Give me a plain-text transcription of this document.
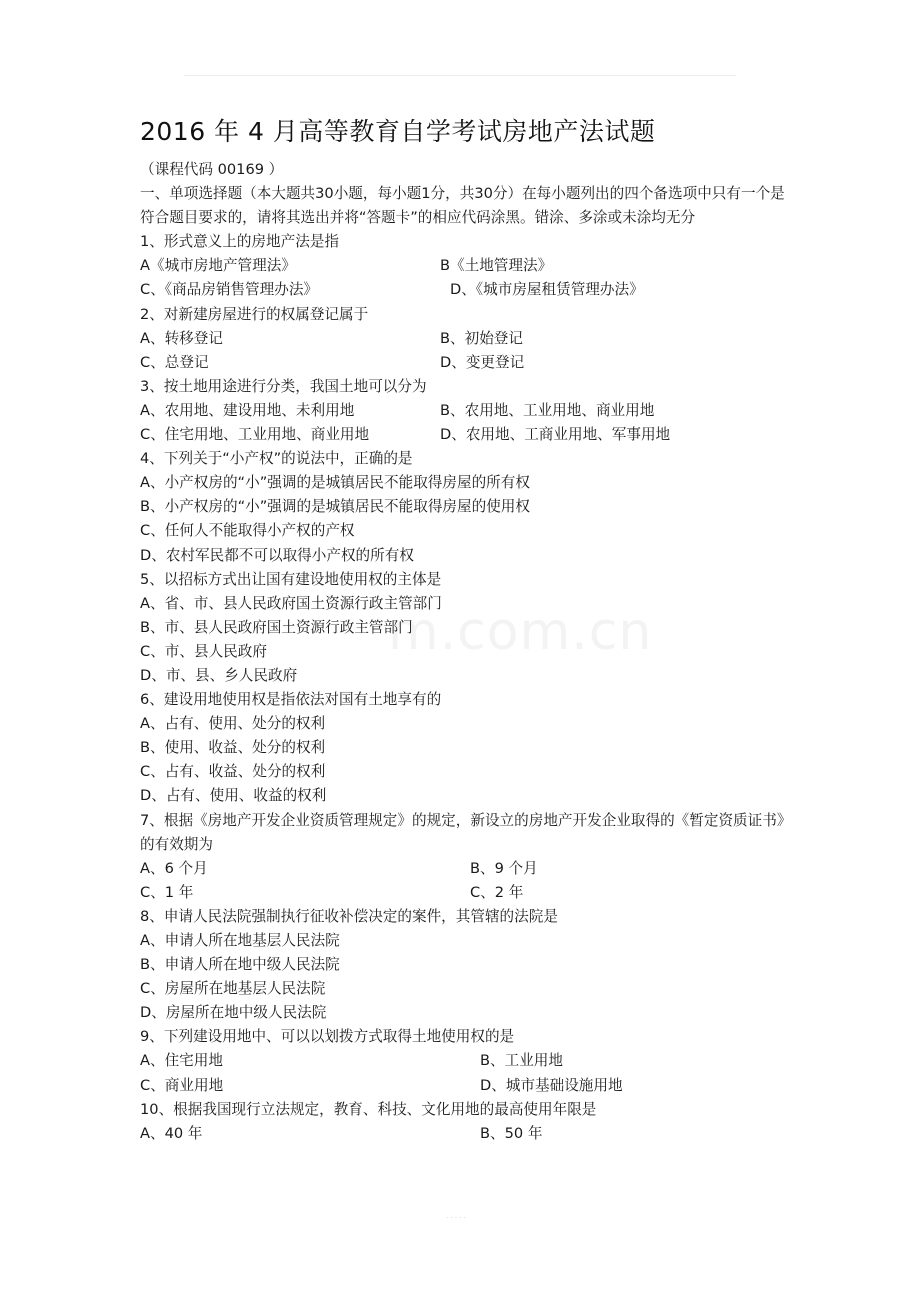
2016 年 4 月高等教育自学考试房地产法试题
（课程代码 00169 ）
一、单项选择题（本大题共30小题，每小题1分，共30分）在每小题列出的四个备选项中只有一个是符合题目要求的，请将其选出并将“答题卡”的相应代码涂黑。错涂、多涂或未涂均无分
1、形式意义上的房地产法是指
A《城市房地产管理法》	B《土地管理法》
C、《商品房销售管理办法》	D、《城市房屋租赁管理办法》
2、对新建房屋进行的权属登记属于
A、转移登记	B、初始登记
C、总登记	D、变更登记
3、按土地用途进行分类，我国土地可以分为
A、农用地、建设用地、未利用地	B、农用地、工业用地、商业用地
C、住宅用地、工业用地、商业用地	D、农用地、工商业用地、军事用地
4、下列关于“小产权”的说法中，正确的是
A、小产权房的“小”强调的是城镇居民不能取得房屋的所有权
B、小产权房的“小”强调的是城镇居民不能取得房屋的使用权
C、任何人不能取得小产权的产权
D、农村军民都不可以取得小产权的所有权
5、以招标方式出让国有建设地使用权的主体是
A、省、市、县人民政府国土资源行政主管部门
B、市、县人民政府国土资源行政主管部门
C、市、县人民政府
D、市、县、乡人民政府
6、建设用地使用权是指依法对国有土地享有的
A、占有、使用、处分的权利
B、使用、收益、处分的权利
C、占有、收益、处分的权利
D、占有、使用、收益的权利
7、根据《房地产开发企业资质管理规定》的规定，新设立的房地产开发企业取得的《暂定资质证书》的有效期为
A、6 个月	B、9 个月
C、1 年	C、2 年
8、申请人民法院强制执行征收补偿决定的案件，其管辖的法院是
A、申请人所在地基层人民法院
B、申请人所在地中级人民法院
C、房屋所在地基层人民法院
D、房屋所在地中级人民法院
9、下列建设用地中、可以以划拨方式取得土地使用权的是
A、住宅用地	B、工业用地
C、商业用地	D、城市基础设施用地
10、根据我国现行立法规定，教育、科技、文化用地的最高使用年限是
A、40 年	B、50 年
m.com.cn
· · · · ·
